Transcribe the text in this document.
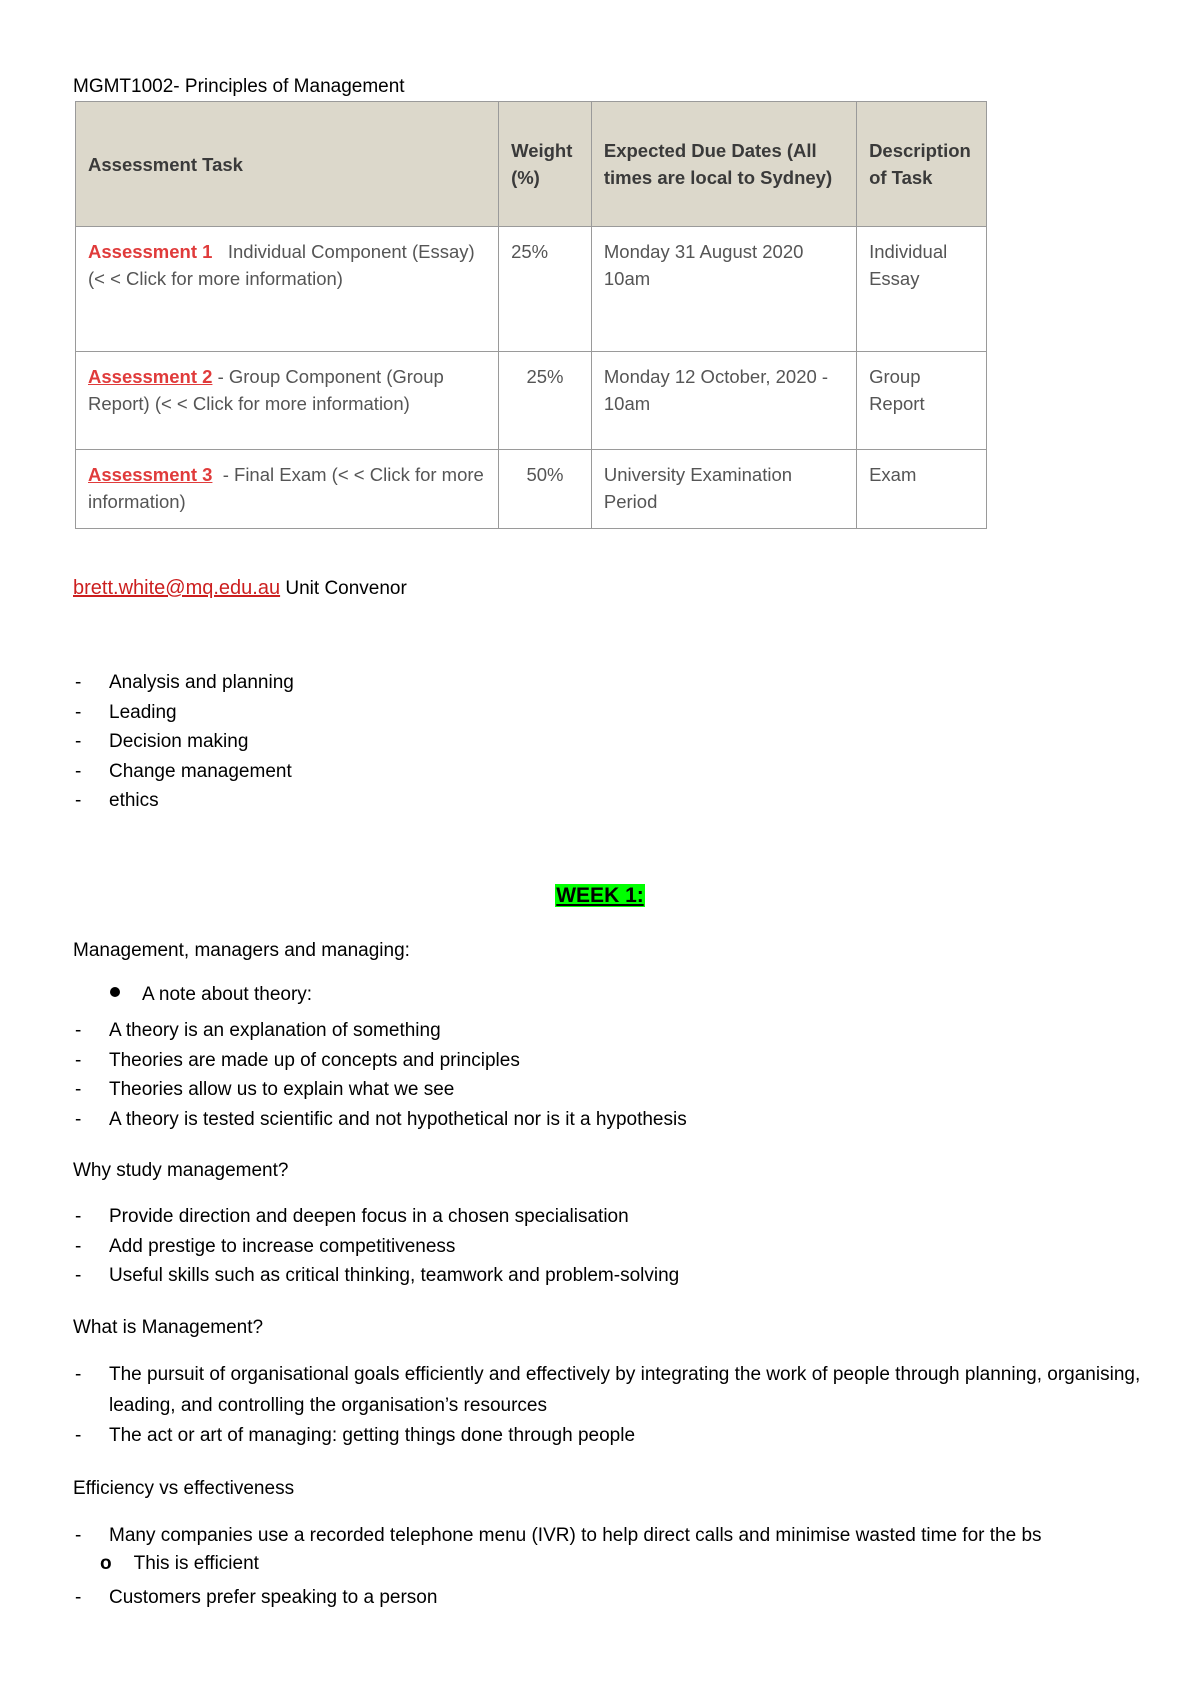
MGMT1002- Principles of Management
Assessment Task	Weight (%)	Expected Due Dates (All times are local to Sydney)	Description of Task
Assessment 1 Individual Component (Essay) (< < Click for more information)	25%	Monday 31 August 2020 10am	Individual Essay
Assessment 2 - Group Component (Group Report) (< < Click for more information)	25%	Monday 12 October, 2020 - 10am	Group Report
Assessment 3  - Final Exam (< < Click for more information)	50%	University Examination Period	Exam
brett.white@mq.edu.au Unit Convenor
- Analysis and planning
- Leading
- Decision making
- Change management
- ethics
WEEK 1:
Management, managers and managing:
A note about theory:
- A theory is an explanation of something
- Theories are made up of concepts and principles
- Theories allow us to explain what we see
- A theory is tested scientific and not hypothetical nor is it a hypothesis
Why study management?
- Provide direction and deepen focus in a chosen specialisation
- Add prestige to increase competitiveness
- Useful skills such as critical thinking, teamwork and problem-solving
What is Management?
- The pursuit of organisational goals efficiently and effectively by integrating the work of people through planning, organising, leading, and controlling the organisation’s resources
- The act or art of managing: getting things done through people
Efficiency vs effectiveness
- Many companies use a recorded telephone menu (IVR) to help direct calls and minimise wasted time for the bs
o This is efficient
- Customers prefer speaking to a person
